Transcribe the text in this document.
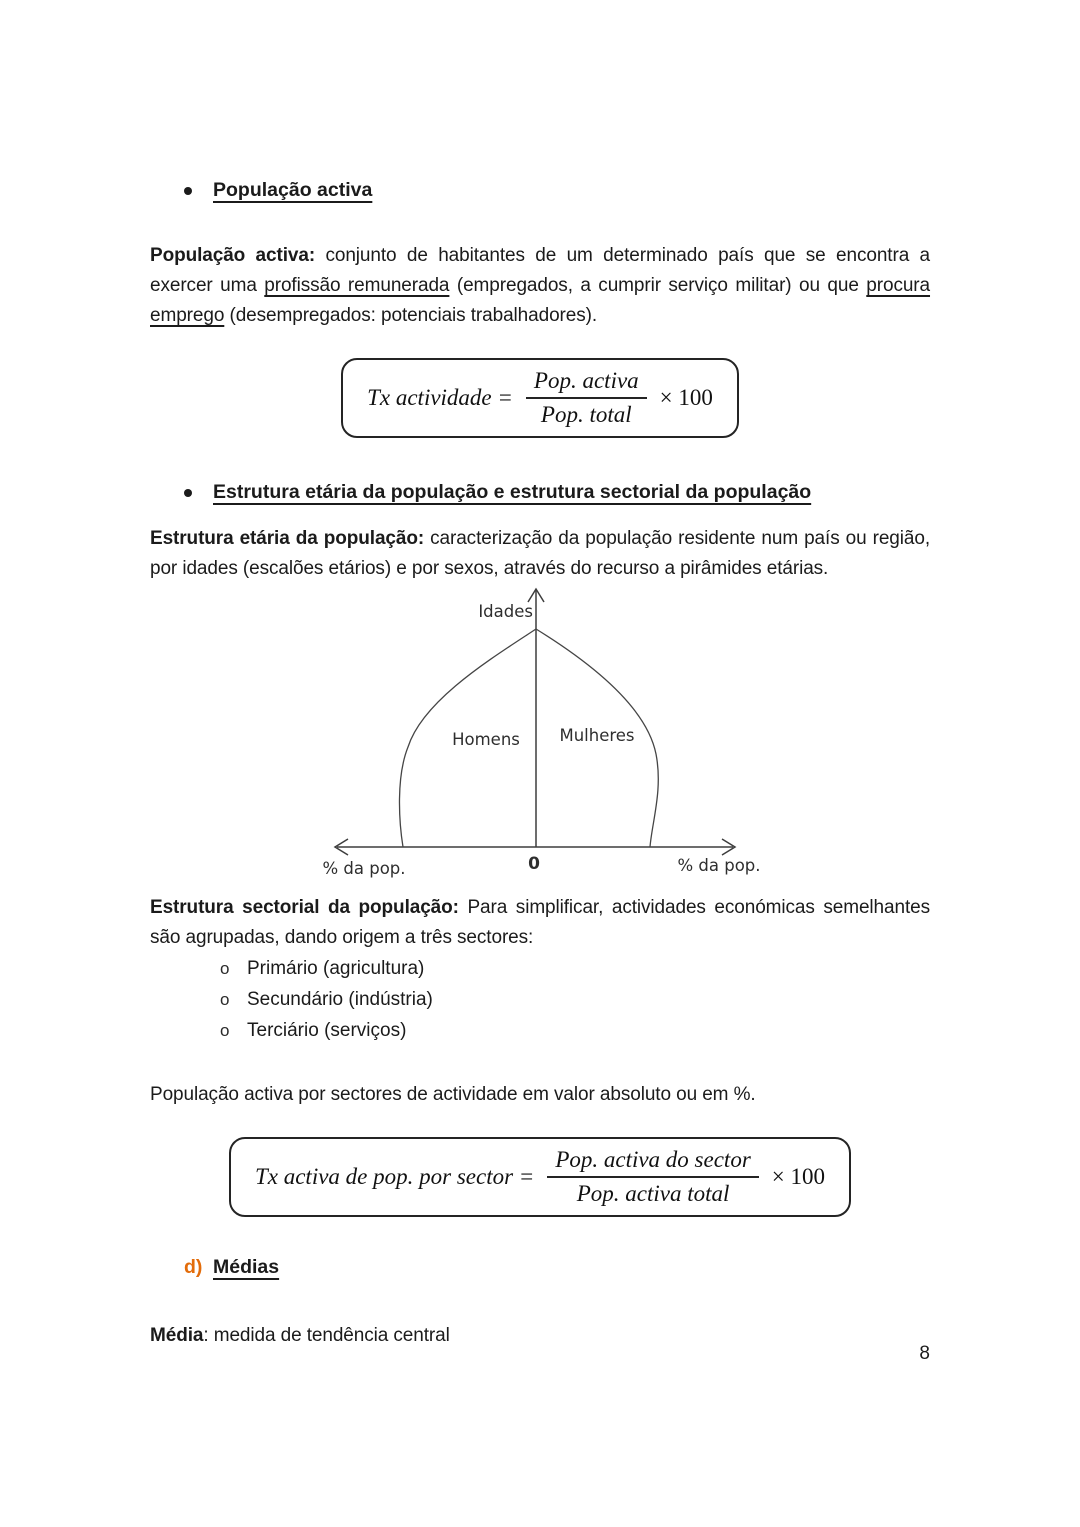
População activa

População activa: conjunto de habitantes de um determinado país que se encontra a exercer uma profissão remunerada (empregados, a cumprir serviço militar) ou que procura emprego (desempregados: potenciais trabalhadores).

Tx actividade = $\frac{\text{Pop. activa}}{\text{Pop. total}} \times 100$
Estrutura etária da população e estrutura sectorial da população

Estrutura etária da população: caracterização da população residente num país ou região, por idades (escalões etários) e por sexos, através do recurso a pirâmides etárias.

Idades
Homens Mulheres
0
% da pop.	% da pop.

Estrutura sectorial da população: Para simplificar, actividades económicas semelhantes são agrupadas, dando origem a três sectores:

o Primário (agricultura)
o Secundário (indústria)
o Terciário (serviços)

População activa por sectores de actividade em valor absoluto ou em %.

Tx activa de pop. por sector = $\frac{\text{Pop. activa do sector}}{\text{Pop. activa total}} \times 100$
d) Médias

Média: medida de tendência central

8
